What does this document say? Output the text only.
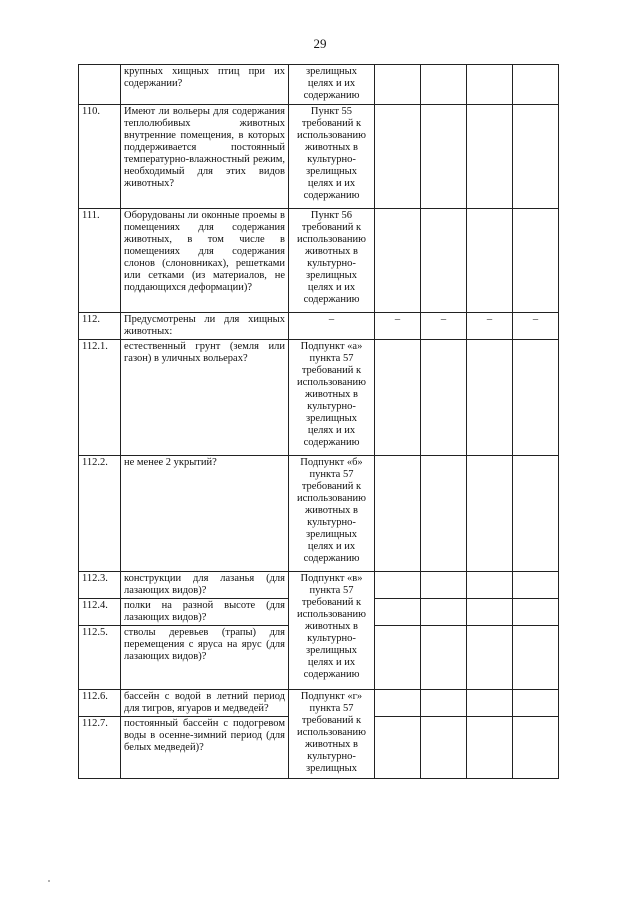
29
	крупных хищных птиц при их содержании?	зрелищных целях и их содержанию				
110.	Имеют ли вольеры для содержания теплолюбивых животных внутренние помещения, в которых поддерживается постоянный температурно-влажностный режим, необходимый для этих видов животных?	Пункт 55 требований к использованию животных в культурно-зрелищных целях и их содержанию				
111.	Оборудованы ли оконные проемы в помещениях для содержания животных, в том числе в помещениях для содержания слонов (слоновниках), решетками или сетками (из материалов, не поддающихся деформации)?	Пункт 56 требований к использованию животных в культурно-зрелищных целях и их содержанию				
112.	Предусмотрены ли для хищных животных:	–	–	–	–	–
112.1.	естественный грунт (земля или газон) в уличных вольерах?	Подпункт «а» пункта 57 требований к использованию животных в культурно-зрелищных целях и их содержанию				
112.2.	не менее 2 укрытий?	Подпункт «б» пункта 57 требований к использованию животных в культурно-зрелищных целях и их содержанию				
112.3.	конструкции для лазанья (для лазающих видов)?	Подпункт «в» пункта 57 требований к использованию животных в культурно-зрелищных целях и их содержанию				
112.4.	полки на разной высоте (для лазающих видов)?					
112.5.	стволы деревьев (трапы) для перемещения с яруса на ярус (для лазающих видов)?					
112.6.	бассейн с водой в летний период для тигров, ягуаров и медведей?	Подпункт «г» пункта 57 требований к использованию животных в культурно-зрелищных				
112.7.	постоянный бассейн с подогревом воды в осенне-зимний период (для белых медведей)?					
